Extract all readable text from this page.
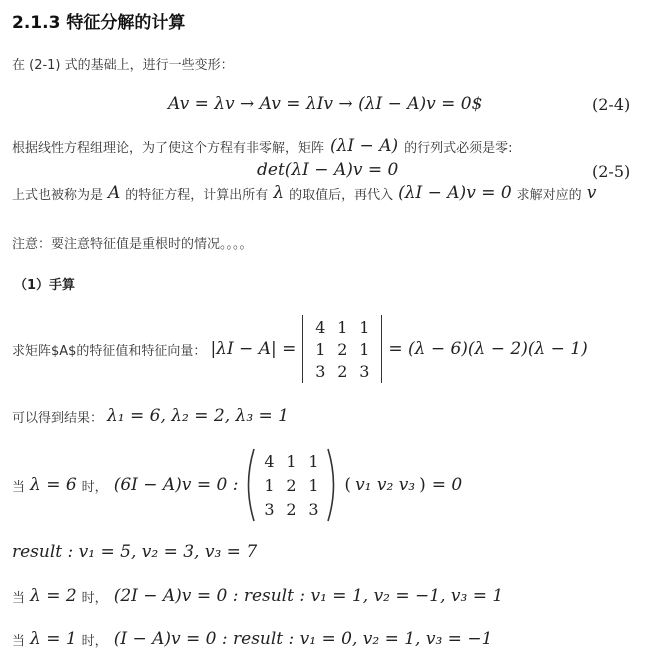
2.1.3 特征分解的计算
在 (2-1) 式的基础上，进行一些变形：
Av = λv → Av = λIv → (λI − A)v = 0$	(2-4)
根据线性方程组理论，为了使这个方程有非零解，矩阵 (λI − A) 的行列式必须是零:
det(λI − A)v = 0	(2-5)
上式也被称为是 A 的特征方程，计算出所有 λ 的取值后，再代入 (λI − A)v = 0 求解对应的 v
注意：要注意特征值是重根时的情况。。。。
（1）手算
求矩阵$A$的特征值和特征向量： |λI − A| =
4 1 1
1 2 1
3 2 3
= (λ − 6)(λ − 2)(λ − 1)
可以得到结果： λ₁ = 6, λ₂ = 2, λ₃ = 1
当 λ = 6 时， (6I − A)v = 0 :
4 1 1
1 2 1
3 2 3
( v₁ v₂ v₃ ) = 0
result : v₁ = 5, v₂ = 3, v₃ = 7
当 λ = 2 时， (2I − A)v = 0 : result : v₁ = 1, v₂ = −1, v₃ = 1
当 λ = 1 时， (I − A)v = 0 : result : v₁ = 0, v₂ = 1, v₃ = −1
